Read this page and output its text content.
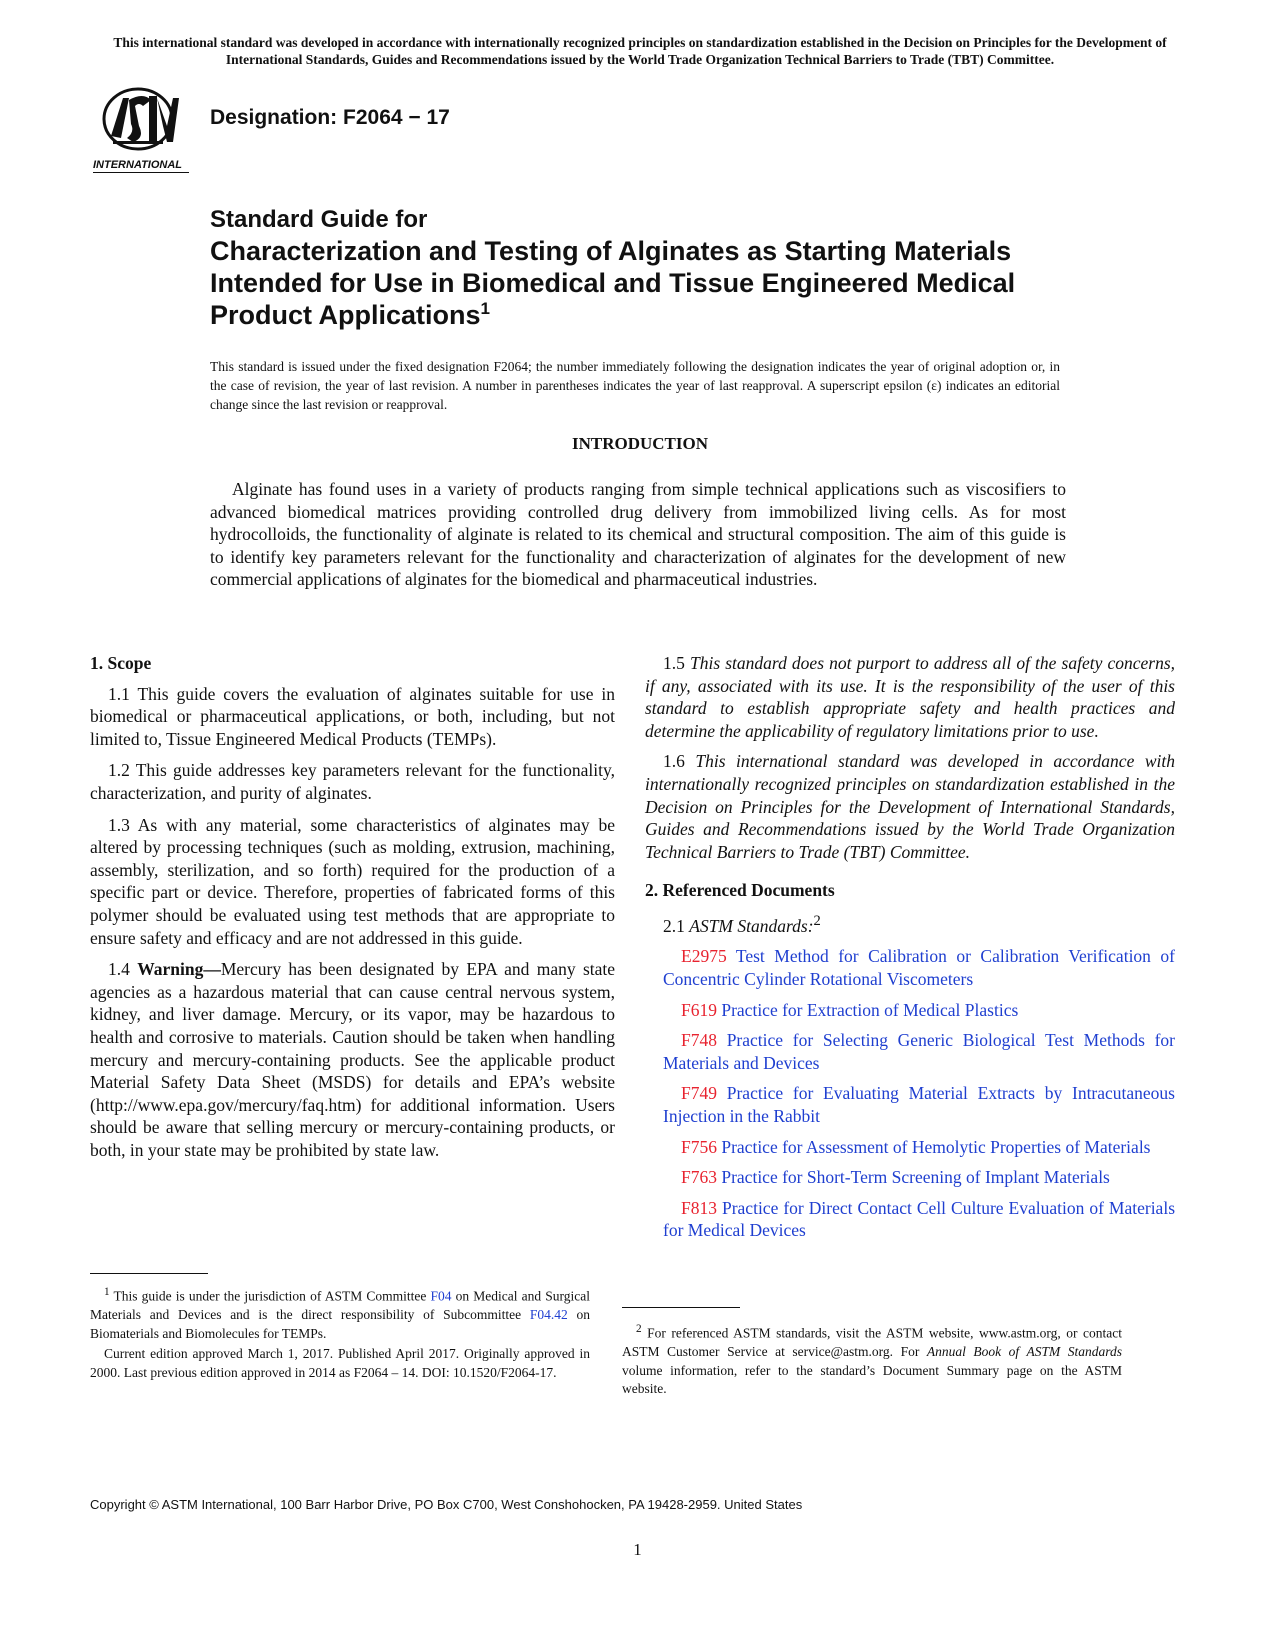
This international standard was developed in accordance with internationally recognized principles on standardization established in the Decision on Principles for the Development of International Standards, Guides and Recommendations issued by the World Trade Organization Technical Barriers to Trade (TBT) Committee.
INTERNATIONAL
Designation: F2064 − 17
Standard Guide for
Characterization and Testing of Alginates as Starting Materials Intended for Use in Biomedical and Tissue Engineered Medical Product Applications$^1$
This standard is issued under the fixed designation F2064; the number immediately following the designation indicates the year of original adoption or, in the case of revision, the year of last revision. A number in parentheses indicates the year of last reapproval. A superscript epsilon (ε) indicates an editorial change since the last revision or reapproval.
INTRODUCTION
Alginate has found uses in a variety of products ranging from simple technical applications such as viscosifiers to advanced biomedical matrices providing controlled drug delivery from immobilized living cells. As for most hydrocolloids, the functionality of alginate is related to its chemical and structural composition. The aim of this guide is to identify key parameters relevant for the functionality and characterization of alginates for the development of new commercial applications of alginates for the biomedical and pharmaceutical industries.
1. Scope

1.1 This guide covers the evaluation of alginates suitable for use in biomedical or pharmaceutical applications, or both, including, but not limited to, Tissue Engineered Medical Products (TEMPs).

1.2 This guide addresses key parameters relevant for the functionality, characterization, and purity of alginates.

1.3 As with any material, some characteristics of alginates may be altered by processing techniques (such as molding, extrusion, machining, assembly, sterilization, and so forth) required for the production of a specific part or device. Therefore, properties of fabricated forms of this polymer should be evaluated using test methods that are appropriate to ensure safety and efficacy and are not addressed in this guide.

1.4 Warning—Mercury has been designated by EPA and many state agencies as a hazardous material that can cause central nervous system, kidney, and liver damage. Mercury, or its vapor, may be hazardous to health and corrosive to materials. Caution should be taken when handling mercury and mercury-containing products. See the applicable product Material Safety Data Sheet (MSDS) for details and EPA’s website (http://www.epa.gov/mercury/faq.htm) for additional information. Users should be aware that selling mercury or mercury-containing products, or both, in your state may be prohibited by state law.

1.5 This standard does not purport to address all of the safety concerns, if any, associated with its use. It is the responsibility of the user of this standard to establish appropriate safety and health practices and determine the applicability of regulatory limitations prior to use.

1.6 This international standard was developed in accordance with internationally recognized principles on standardization established in the Decision on Principles for the Development of International Standards, Guides and Recommendations issued by the World Trade Organization Technical Barriers to Trade (TBT) Committee.

2. Referenced Documents

2.1 ASTM Standards:$^2$

E2975 Test Method for Calibration or Calibration Verification of Concentric Cylinder Rotational Viscometers

F619 Practice for Extraction of Medical Plastics

F748 Practice for Selecting Generic Biological Test Methods for Materials and Devices

F749 Practice for Evaluating Material Extracts by Intracutaneous Injection in the Rabbit

F756 Practice for Assessment of Hemolytic Properties of Materials

F763 Practice for Short-Term Screening of Implant Materials

F813 Practice for Direct Contact Cell Culture Evaluation of Materials for Medical Devices

$^1$ This guide is under the jurisdiction of ASTM Committee F04 on Medical and Surgical Materials and Devices and is the direct responsibility of Subcommittee F04.42 on Biomaterials and Biomolecules for TEMPs.

Current edition approved March 1, 2017. Published April 2017. Originally approved in 2000. Last previous edition approved in 2014 as F2064 – 14. DOI: 10.1520/F2064-17.

$^2$ For referenced ASTM standards, visit the ASTM website, www.astm.org, or contact ASTM Customer Service at service@astm.org. For Annual Book of ASTM Standards volume information, refer to the standard’s Document Summary page on the ASTM website.

Copyright © ASTM International, 100 Barr Harbor Drive, PO Box C700, West Conshohocken, PA 19428-2959. United States
1
